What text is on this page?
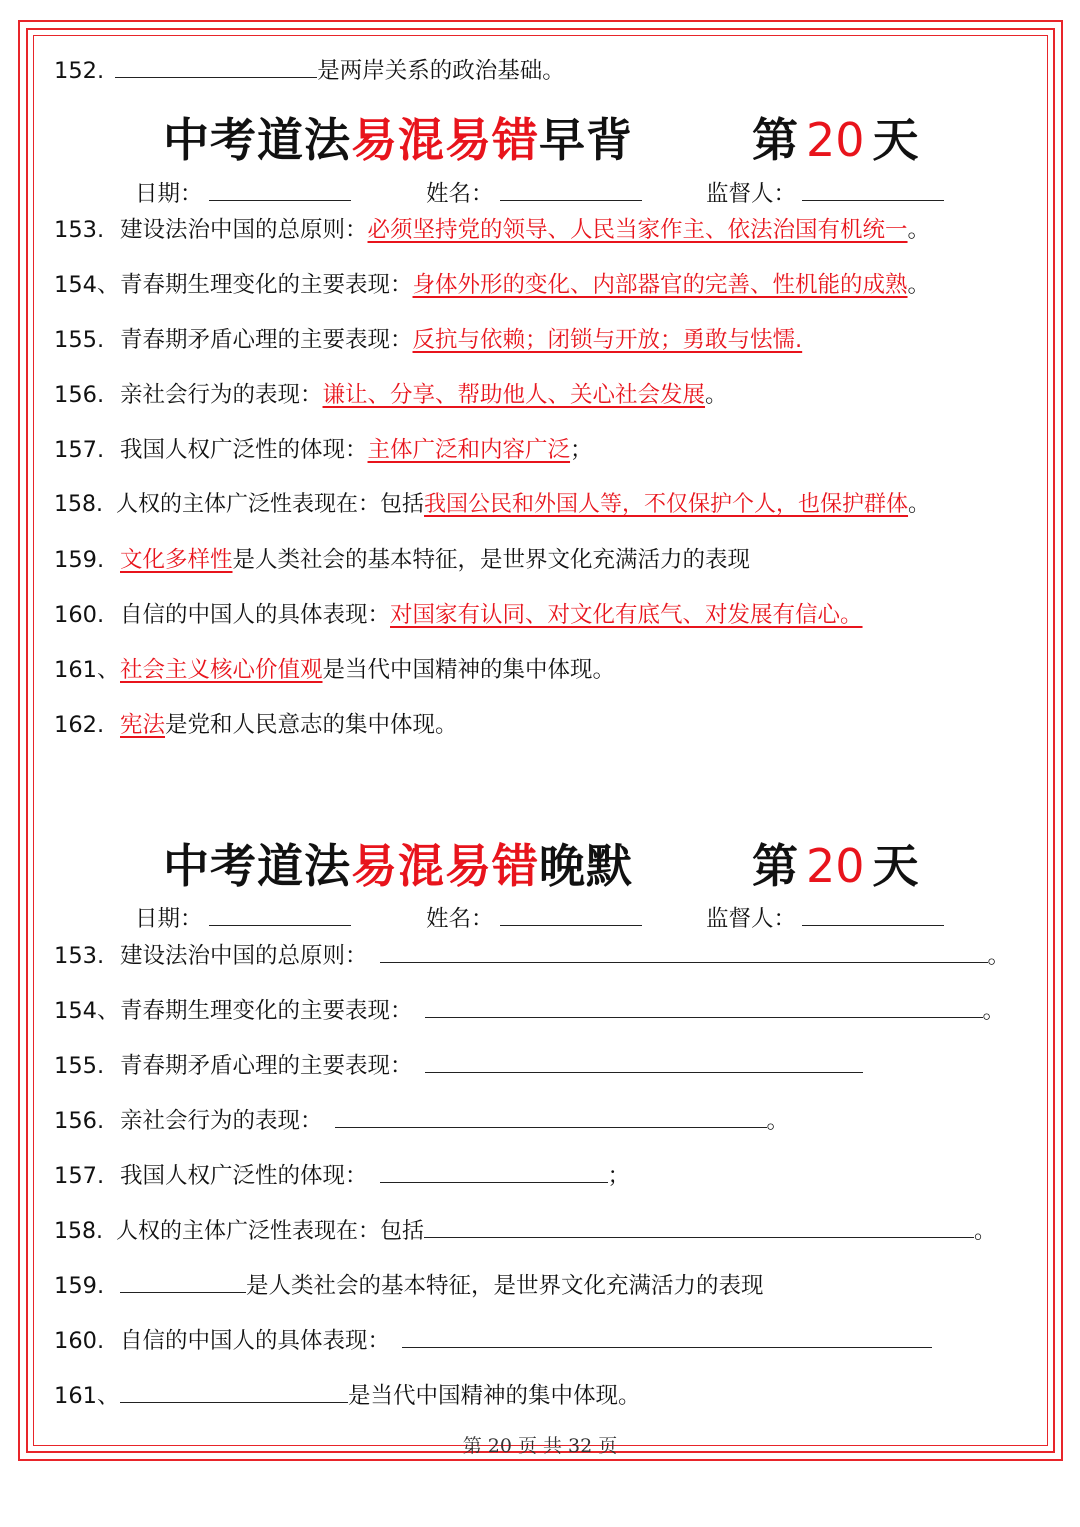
152.	是两岸关系的政治基础。
中考道法易混易错早背	第 20 天
日期：	姓名：	监督人：
153. 建设法治中国的总原则：必须坚持党的领导、人民当家作主、依法治国有机统一。
154、青春期生理变化的主要表现：身体外形的变化、内部器官的完善、性机能的成熟。
155. 青春期矛盾心理的主要表现：反抗与依赖；闭锁与开放；勇敢与怯懦.
156. 亲社会行为的表现：谦让、分享、帮助他人、关心社会发展。
157. 我国人权广泛性的体现：主体广泛和内容广泛；
158. 人权的主体广泛性表现在：包括我国公民和外国人等，不仅保护个人，也保护群体。
159. 文化多样性是人类社会的基本特征，是世界文化充满活力的表现
160. 自信的中国人的具体表现：对国家有认同、对文化有底气、对发展有信心。
161、社会主义核心价值观是当代中国精神的集中体现。
162. 宪法是党和人民意志的集中体现。
中考道法易混易错晚默	第 20 天
日期：	姓名：	监督人：
153. 建设法治中国的总原则：	。
154、青春期生理变化的主要表现：	。
155. 青春期矛盾心理的主要表现：
156. 亲社会行为的表现：	。
157. 我国人权广泛性的体现：	；
158. 人权的主体广泛性表现在：包括	。
159.	是人类社会的基本特征，是世界文化充满活力的表现
160. 自信的中国人的具体表现：
161、	是当代中国精神的集中体现。
第 20 页 共 32 页
